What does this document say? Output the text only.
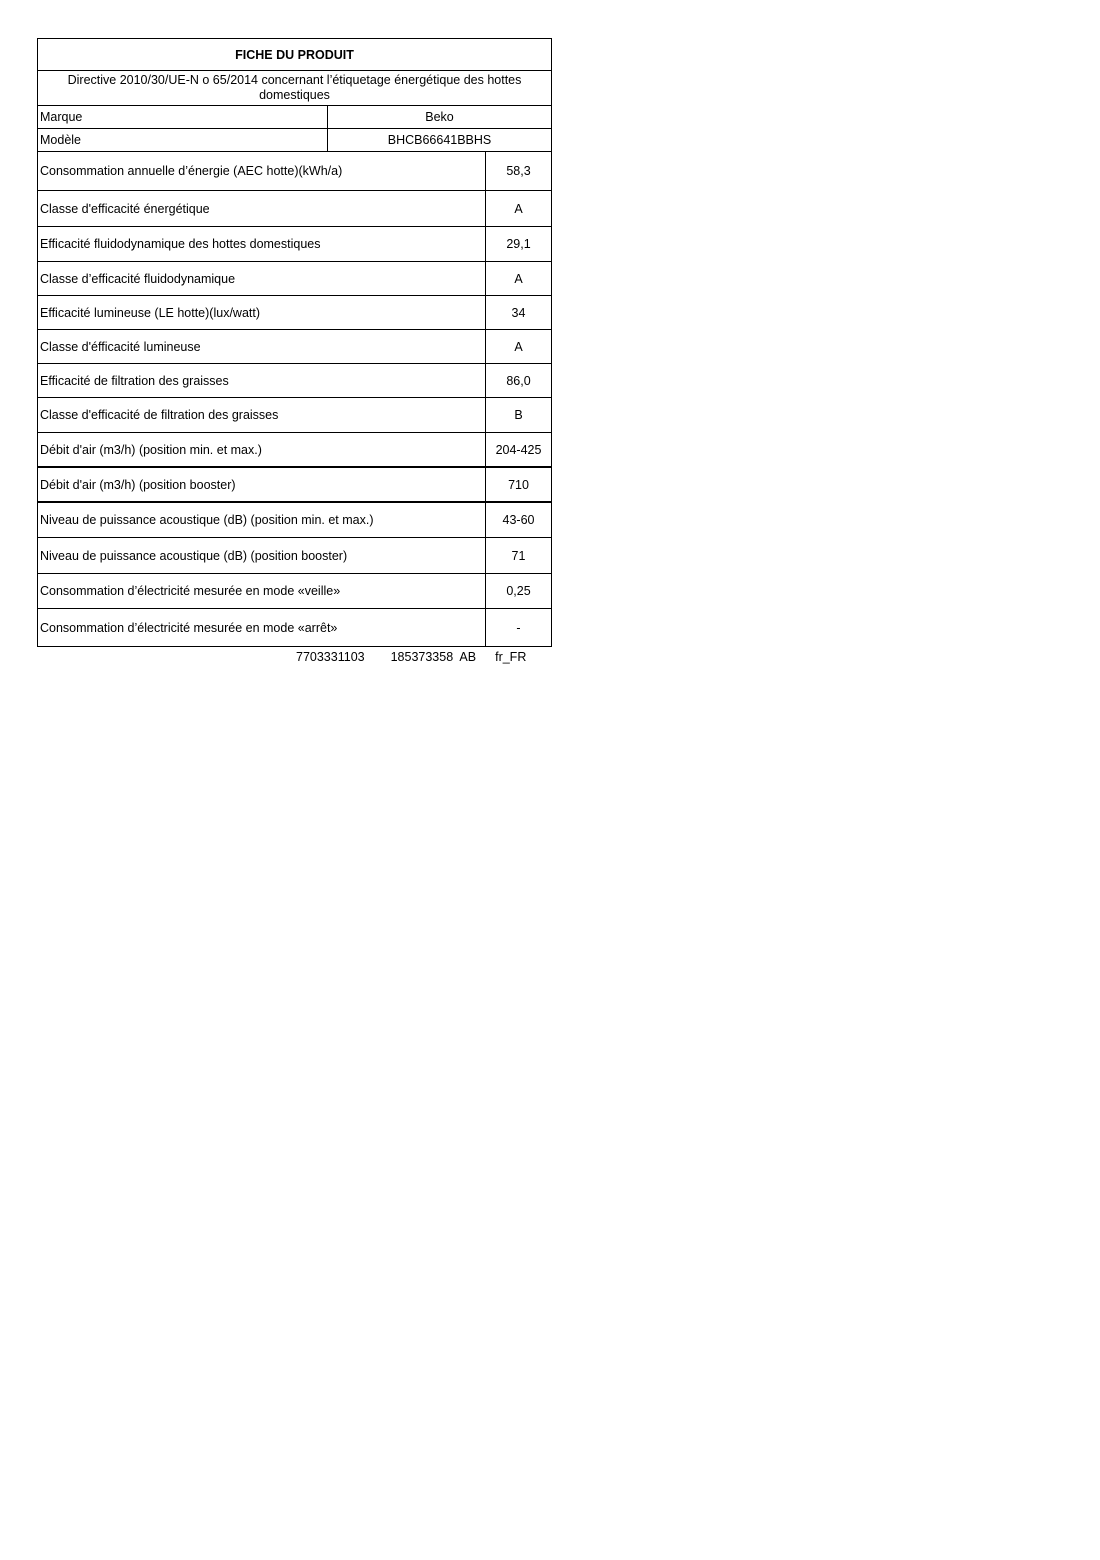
FICHE DU PRODUIT
Directive 2010/30/UE-N o 65/2014 concernant l’étiquetage énergétique des hottes domestiques
Marque	Beko
Modèle	BHCB66641BBHS
Consommation annuelle d’énergie (AEC hotte)(kWh/a)	58,3
Classe d'efficacité énergétique	A
Efficacité fluidodynamique des hottes domestiques	29,1
Classe d’efficacité fluidodynamique	A
Efficacité lumineuse (LE hotte)(lux/watt)	34
Classe d'éfficacité lumineuse	A
Efficacité de filtration des graisses	86,0
Classe d'efficacité de filtration des graisses	B
Débit d'air (m3/h) (position min. et max.)	204-425
Débit d'air (m3/h) (position booster)	710
Niveau de puissance acoustique (dB) (position min. et max.)	43-60
Niveau de puissance acoustique (dB) (position booster)	71
Consommation d’électricité mesurée en mode «veille»	0,25
Consommation d’électricité mesurée en mode «arrêt»	-
7703331103 185373358  AB fr_FR
